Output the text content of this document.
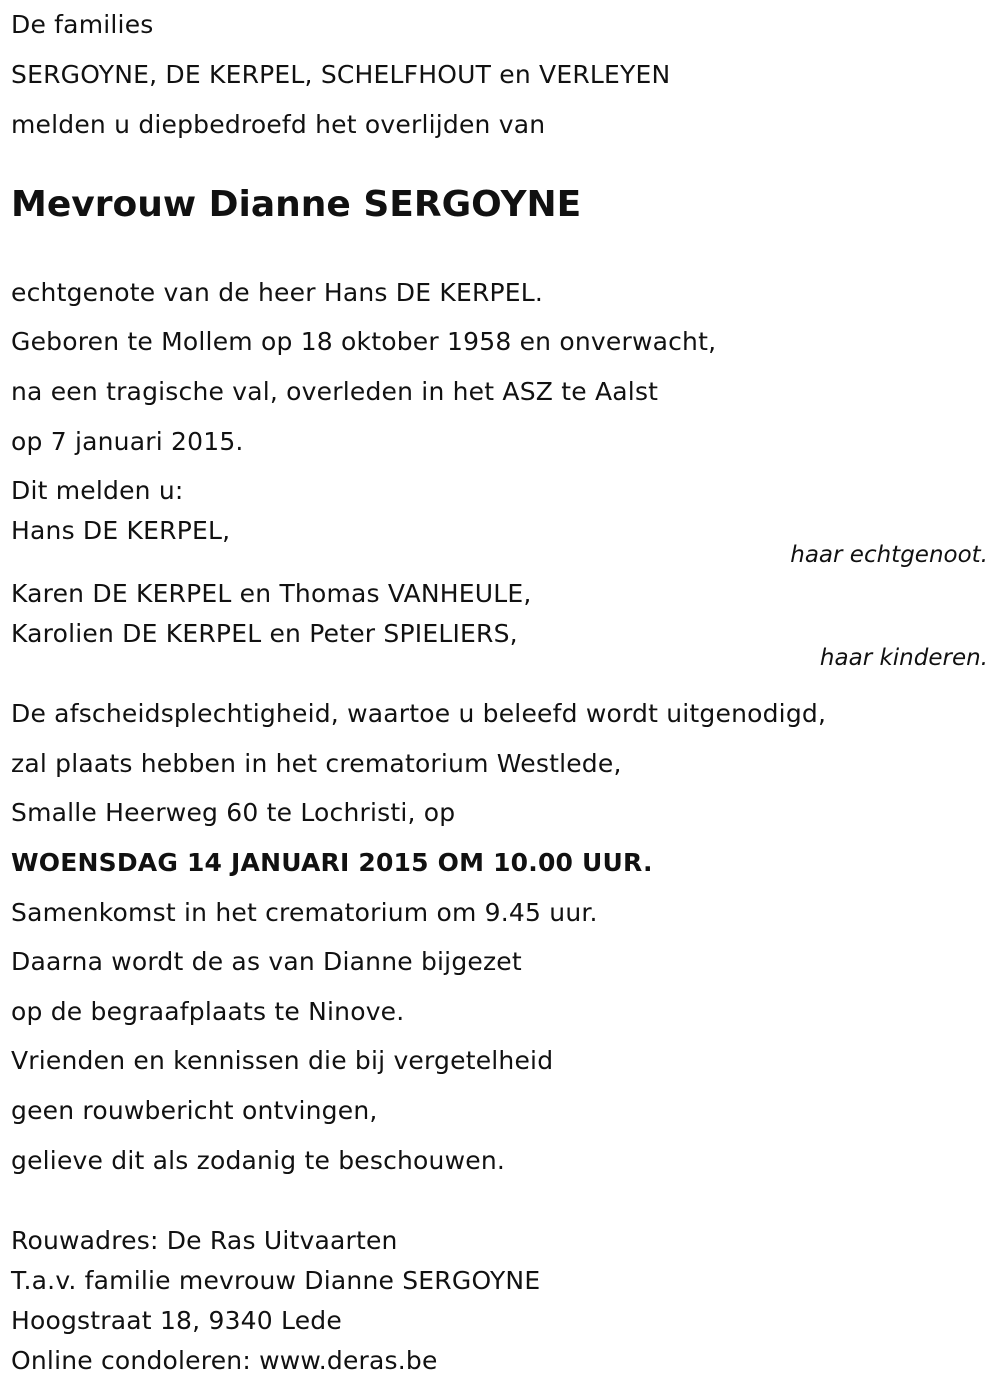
De families
SERGOYNE, DE KERPEL, SCHELFHOUT en VERLEYEN
melden u diepbedroefd het overlijden van
Mevrouw Dianne SERGOYNE
echtgenote van de heer Hans DE KERPEL.
Geboren te Mollem op 18 oktober 1958 en onverwacht,
na een tragische val, overleden in het ASZ te Aalst
op 7 januari 2015.
Dit melden u:
Hans DE KERPEL,
haar echtgenoot.
Karen DE KERPEL en Thomas VANHEULE,
Karolien DE KERPEL en Peter SPIELIERS,
haar kinderen.
De afscheidsplechtigheid, waartoe u beleefd wordt uitgenodigd,
zal plaats hebben in het crematorium Westlede,
Smalle Heerweg 60 te Lochristi, op
WOENSDAG 14 JANUARI 2015 OM 10.00 UUR.
Samenkomst in het crematorium om 9.45 uur.
Daarna wordt de as van Dianne bijgezet
op de begraafplaats te Ninove.
Vrienden en kennissen die bij vergetelheid
geen rouwbericht ontvingen,
gelieve dit als zodanig te beschouwen.
Rouwadres: De Ras Uitvaarten
T.a.v. familie mevrouw Dianne SERGOYNE
Hoogstraat 18, 9340 Lede
Online condoleren: www.deras.be
